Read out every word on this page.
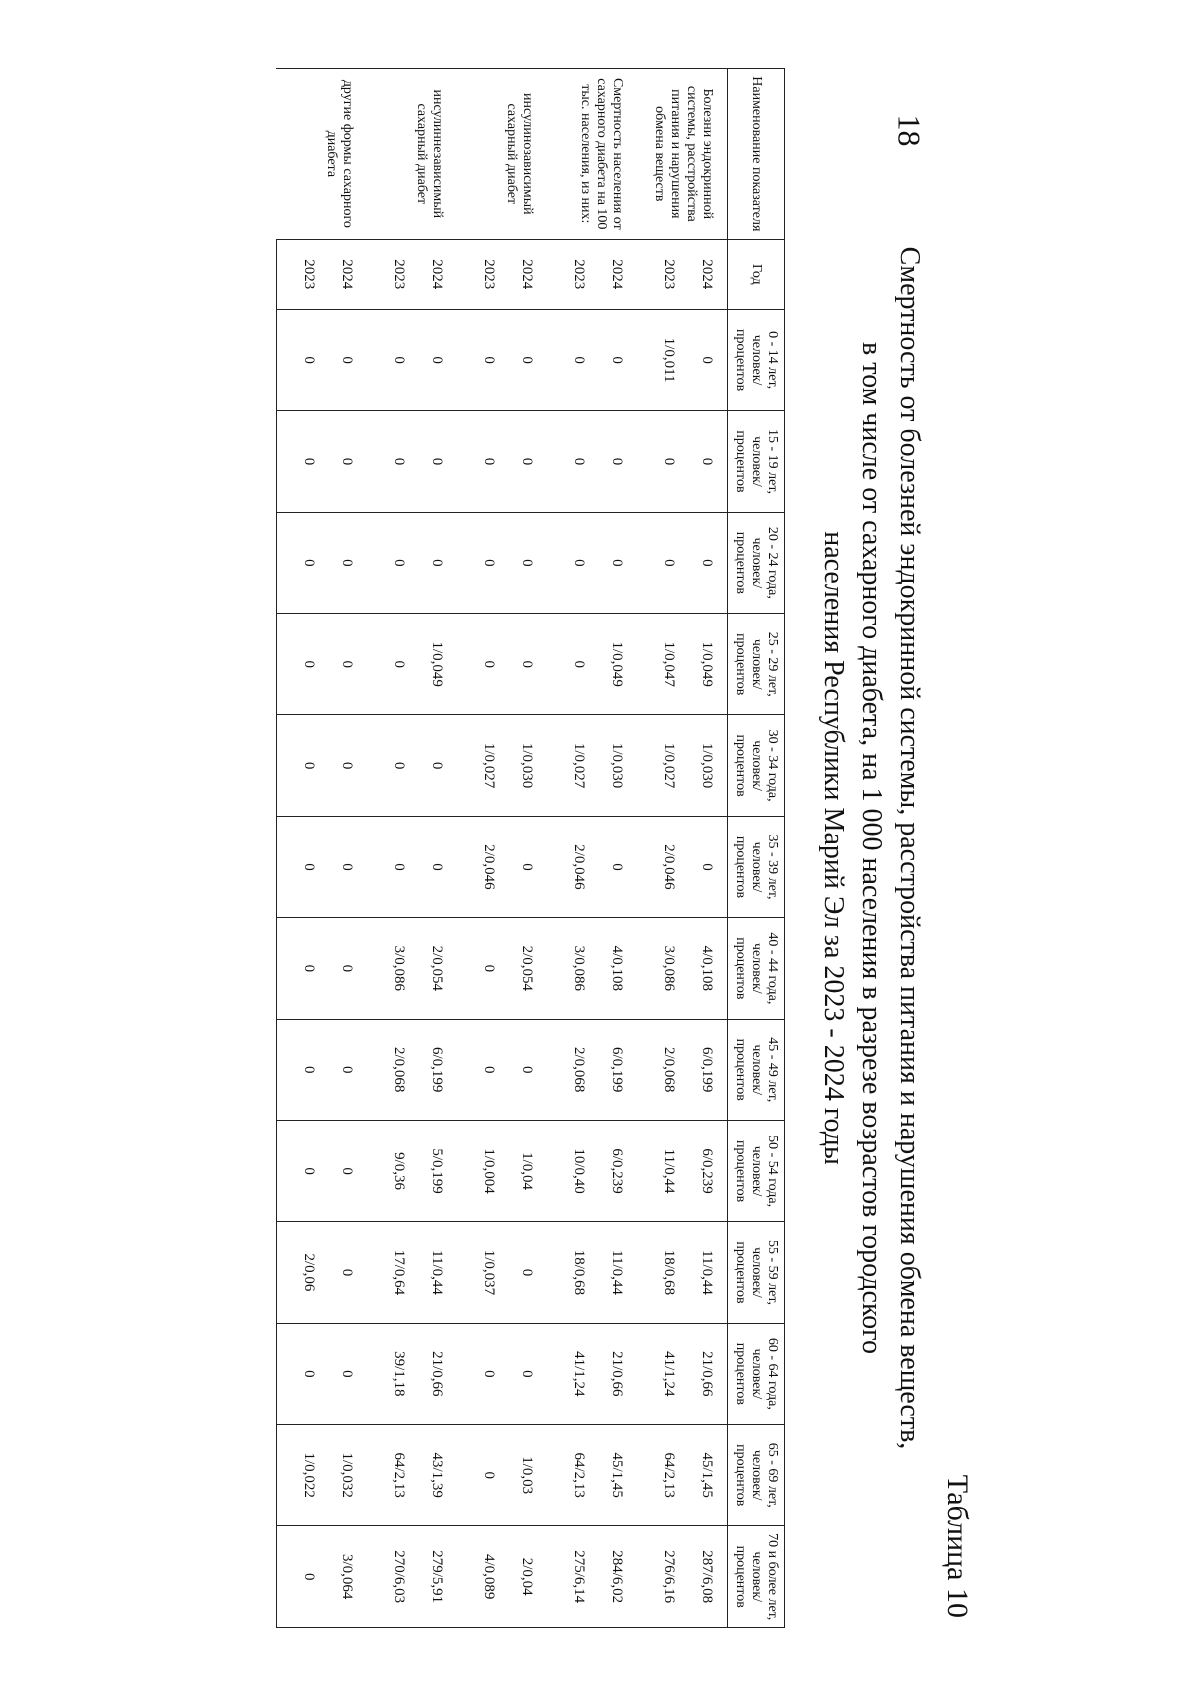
18
Таблица 10
Смертность от болезней эндокринной системы, расстройства питания и нарушения обмена веществ,
в том числе от сахарного диабета, на 1 000 населения в разрезе возрастов городского
населения Республики Марий Эл за 2023 - 2024 годы
Наименование показателя	Год	0 - 14 лет, человек/ процентов	15 - 19 лет, человек/ процентов	20 - 24 года, человек/ процентов	25 - 29 лет, человек/ процентов	30 - 34 года, человек/ процентов	35 - 39 лет, человек/ процентов	40 - 44 года, человек/ процентов	45 - 49 лет, человек/ процентов	50 - 54 года, человек/ процентов	55 - 59 лет, человек/ процентов	60 - 64 года, человек/ процентов	65 - 69 лет, человек/ процентов	70 и более лет, человек/ процентов
Болезни эндокринной системы, расстройства питания и нарушения обмена веществ	2024	0	0	0	1/0,049	1/0,030	0	4/0,108	6/0,199	6/0,239	11/0,44	21/0,66	45/1,45	287/6,08
	2023	1/0,011	0	0	1/0,047	1/0,027	2/0,046	3/0,086	2/0,068	11/0,44	18/0,68	41/1,24	64/2,13	276/6,16
Смертность населения от сахарного диабета на 100 тыс. населения, из них:	2024	0	0	0	1/0,049	1/0,030	0	4/0,108	6/0,199	6/0,239	11/0,44	21/0,66	45/1,45	284/6,02
	2023	0	0	0	0	1/0,027	2/0,046	3/0,086	2/0,068	10/0,40	18/0,68	41/1,24	64/2,13	275/6,14
инсулинозависимый сахарный диабет	2024	0	0	0	0	1/0,030	0	2/0,054	0	1/0,04	0	0	1/0,03	2/0,04
	2023	0	0	0	0	1/0,027	2/0,046	0	0	1/0,004	1/0,037	0	0	4/0,089
инсулиннезависимый сахарный диабет	2024	0	0	0	1/0,049	0	0	2/0,054	6/0,199	5/0,199	11/0,44	21/0,66	43/1,39	279/5,91
	2023	0	0	0	0	0	0	3/0,086	2/0,068	9/0,36	17/0,64	39/1,18	64/2,13	270/6,03
другие формы сахарного диабета	2024	0	0	0	0	0	0	0	0	0	0	0	1/0,032	3/0,064
	2023	0	0	0	0	0	0	0	0	0	2/0,06	0	1/0,022	0
